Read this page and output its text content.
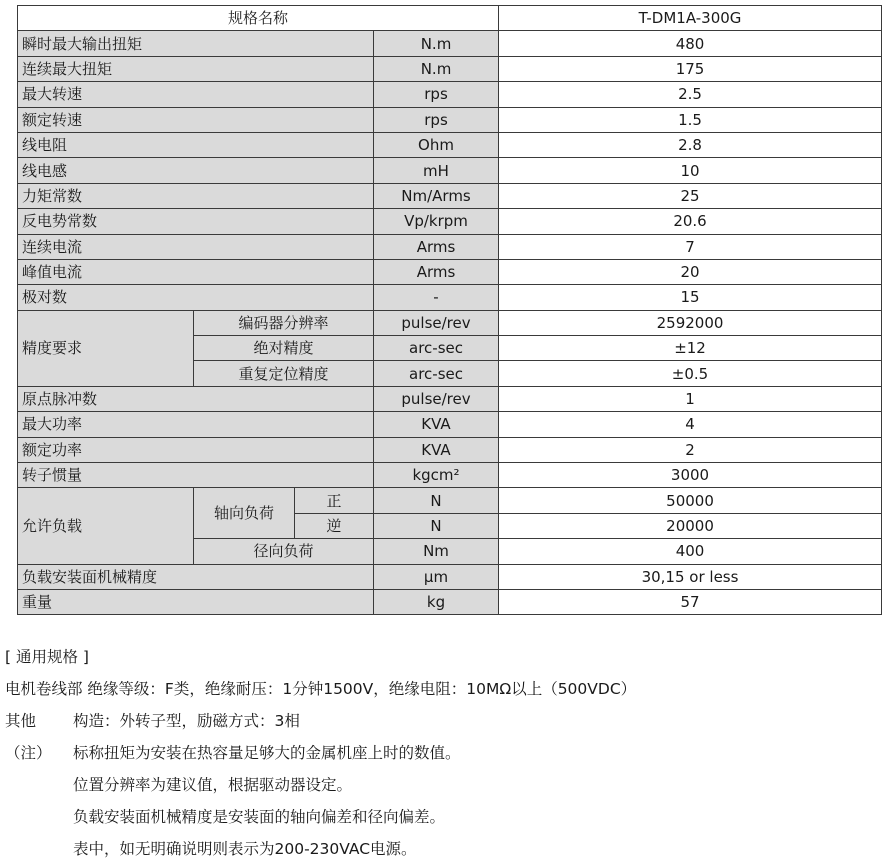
规格名称				T-DM1A-300G
瞬时最大输出扭矩			N.m	480
连续最大扭矩			N.m	175
最大转速			rps	2.5
额定转速			rps	1.5
线电阻			Ohm	2.8
线电感			mH	10
力矩常数			Nm/Arms	25
反电势常数			Vp/krpm	20.6
连续电流			Arms	7
峰值电流			Arms	20
极对数			-	15
精度要求	编码器分辨率		pulse/rev	2592000
	绝对精度		arc-sec	±12
	重复定位精度		arc-sec	±0.5
原点脉冲数			pulse/rev	1
最大功率			KVA	4
额定功率			KVA	2
转子惯量			kgcm²	3000
允许负载	轴向负荷	正	N	50000
		逆	N	20000
	径向负荷		Nm	400
负载安装面机械精度			μm	30,15 or less
重量			kg	57
[ 通用规格 ]
电机卷线部 绝缘等级：F类，绝缘耐压：1分钟1500V，绝缘电阻：10MΩ以上（500VDC）
其他 构造：外转子型，励磁方式：3相
（注） 标称扭矩为安装在热容量足够大的金属机座上时的数值。
位置分辨率为建议值，根据驱动器设定。
负载安装面机械精度是安装面的轴向偏差和径向偏差。
表中，如无明确说明则表示为200-230VAC电源。
